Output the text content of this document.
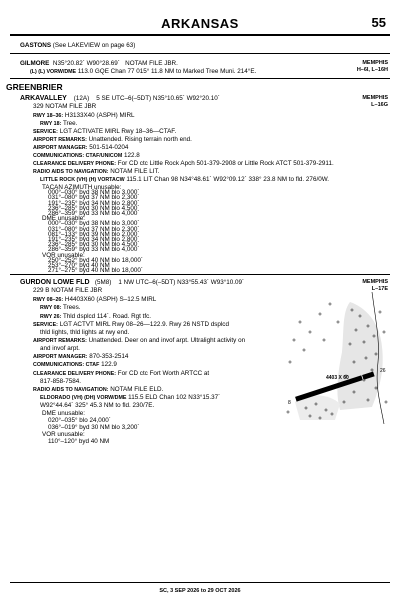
ARKANSAS	55
GASTONS (See LAKEVIEW on page 63)
GILMORE N35°20.82´ W90°28.69´ NOTAM FILE JBR.
(L) (L) VORW/DME 113.0 GQE Chan 77 015° 11.8 NM to Marked Tree Muni. 214°E.
MEMPHIS
H–6I, L–16H
GREENBRIER
ARKAVALLEY (12A) 5 SE UTC–6(–5DT) N35°10.65´ W92°20.10´
329 NOTAM FILE JBR
MEMPHIS
L–16G
RWY 18–36: H3133X40 (ASPH) MIRL
RWY 18: Tree.
SERVICE: LGT ACTIVATE MIRL Rwy 18–36—CTAF.
AIRPORT REMARKS: Unattended. Rising terrain north end.
AIRPORT MANAGER: 501-514-0204
COMMUNICATIONS: CTAF/UNICOM 122.8
CLEARANCE DELIVERY PHONE: For CD ctc Little Rock Apch 501-379-2908 or Little Rock ATCT 501-379-2911.
RADIO AIDS TO NAVIGATION: NOTAM FILE LIT.
LITTLE ROCK (VH) (H) VORTACW 115.1 LIT Chan 98 N34°48.61´ W92°09.12´ 338° 23.8 NM to fld. 276/0W.
TACAN AZIMUTH unusable:
000°–030° byd 38 NM blo 3,000´
031°–080° byd 37 NM blo 2,300´
191°–235° byd 34 NM blo 2,800´
236°–285° byd 30 NM blo 4,500´
286°–359° byd 33 NM blo 4,000´
DME unusable:
000°–030° byd 38 NM blo 3,000´
031°–080° byd 37 NM blo 2,300´
081°–133° byd 39 NM blo 2,000´
191°–235° byd 34 NM blo 2,800´
236°–285° byd 30 NM blo 4,500´
286°–359° byd 33 NM blo 4,000´
VOR unusable:
250°–252° byd 40 NM blo 18,000´
253°–270° byd 40 NM
271°–275° byd 40 NM blo 18,000´
GURDON LOWE FLD (5M8) 1 NW UTC–6(–5DT) N33°55.43´ W93°10.09´
229 B NOTAM FILE JBR
MEMPHIS
L–17E
RWY 08–26: H4403X60 (ASPH) S–12.5 MIRL
RWY 08: Trees.
RWY 26: Thld dsplcd 114´. Road. Rgt tfc.
SERVICE: LGT ACTVT MIRL Rwy 08–26—122.9. Rwy 26 NSTD dsplcd
thld lights, thld lights at rwy end.
AIRPORT REMARKS: Unattended. Deer on and invof arpt. Ultralight activity on
and invof arpt.
AIRPORT MANAGER: 870-353-2514
COMMUNICATIONS: CTAF 122.9
CLEARANCE DELIVERY PHONE: For CD ctc Fort Worth ARTCC at
817-858-7584.
RADIO AIDS TO NAVIGATION: NOTAM FILE ELD.
ELDORADO (VH) (DH) VORW/DME 115.5 ELD Chan 102 N33°15.37´
W92°44.64´ 325° 45.3 NM to fld. 230/7E.
DME unusable:
020°–035° blo 24,000´
036°–019° byd 30 NM blo 3,200´
VOR unusable:
110°–120° byd 40 NM
4403 X 60
8
26
SC, 3 SEP 2026 to 29 OCT 2026
